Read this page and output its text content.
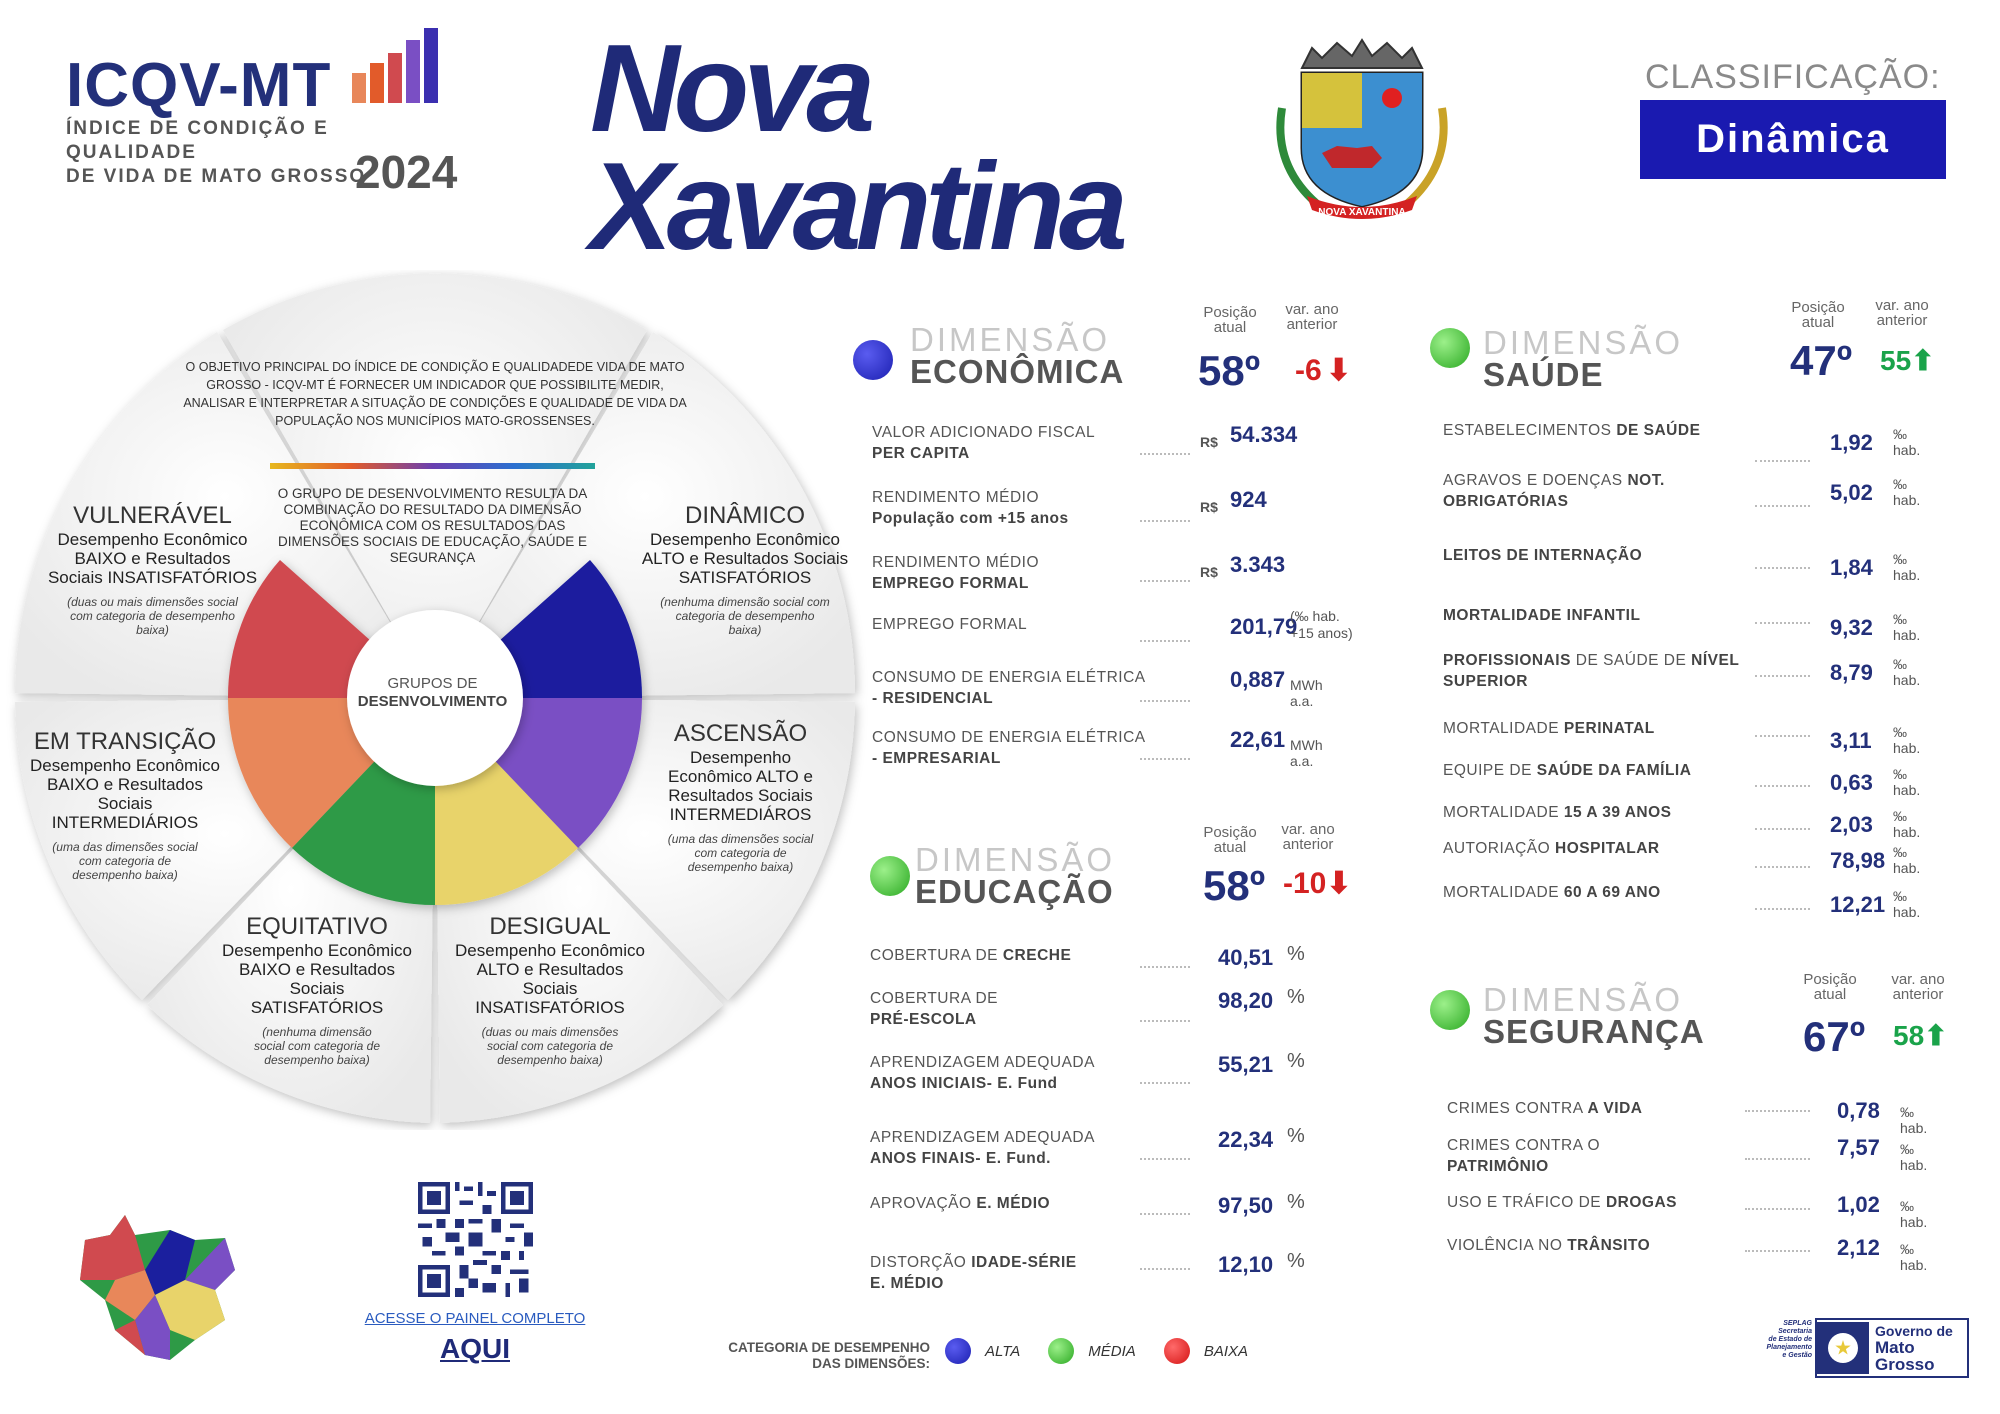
ICQV-MT
ÍNDICE DE CONDIÇÃO E QUALIDADE
DE VIDA DE MATO GROSSO
2024
Nova
Xavantina	NOVA XAVANTINA
CLASSIFICAÇÃO:
Dinâmica
O OBJETIVO PRINCIPAL DO ÍNDICE DE CONDIÇÃO E QUALIDADEDE VIDA DE MATO GROSSO - ICQV-MT É FORNECER UM INDICADOR QUE POSSIBILITE MEDIR, ANALISAR E INTERPRETAR A SITUAÇÃO DE CONDIÇÕES E QUALIDADE DE VIDA DA POPULAÇÃO NOS MUNICÍPIOS MATO-GROSSENSES.
O GRUPO DE DESENVOLVIMENTO RESULTA DA COMBINAÇÃO DO RESULTADO DA DIMENSÃO ECONÔMICA COM OS RESULTADOS DAS DIMENSÕES SOCIAIS DE EDUCAÇÃO, SAÚDE E SEGURANÇA
GRUPOS DE
DESENVOLVIMENTO
VULNERÁVEL
Desempenho Econômico BAIXO e Resultados Sociais INSATISFATÓRIOS
(duas ou mais dimensões social com categoria de desempenho baixa)
DINÂMICO
Desempenho Econômico ALTO e Resultados Sociais SATISFATÓRIOS
(nenhuma dimensão social com categoria de desempenho baixa)
EM TRANSIÇÃO
Desempenho Econômico BAIXO e Resultados Sociais INTERMEDIÁRIOS
(uma das dimensões social com categoria de desempenho baixa)
ASCENSÃO
Desempenho Econômico ALTO e Resultados Sociais INTERMEDIÁROS
(uma das dimensões social com categoria de desempenho baixa)
EQUITATIVO
Desempenho Econômico BAIXO e Resultados Sociais SATISFATÓRIOS
(nenhuma dimensão social com categoria de desempenho baixa)
DESIGUAL
Desempenho Econômico ALTO e Resultados Sociais INSATISFATÓRIOS
(duas ou mais dimensões social com categoria de desempenho baixa)
DIMENSÃO
ECONÔMICA
Posição
atual
var. ano
anterior
58º -6 ⬇
VALOR ADICIONADO FISCAL
PER CAPITA
R$ 54.334
RENDIMENTO MÉDIO
População com +15 anos
R$ 924
RENDIMENTO MÉDIO
EMPREGO FORMAL
R$ 3.343
EMPREGO FORMAL	201,79
(‰ hab. +15 anos)
CONSUMO DE ENERGIA ELÉTRICA
- RESIDENCIAL
0,887 MWh a.a.
CONSUMO DE ENERGIA ELÉTRICA
- EMPRESARIAL
22,61 MWh a.a.
DIMENSÃO
EDUCAÇÃO
Posição
atual
var. ano
anterior
58º -10⬇
COBERTURA DE CRECHE	40,51 %
COBERTURA DE
PRÉ-ESCOLA
98,20 %
APRENDIZAGEM ADEQUADA
ANOS INICIAIS- E. Fund
55,21 %
APRENDIZAGEM ADEQUADA
ANOS FINAIS- E. Fund.
22,34 %
APROVAÇÃO E. MÉDIO	97,50 %
DISTORÇÃO IDADE-SÉRIE
E. MÉDIO
12,10 %
DIMENSÃO
SAÚDE
Posição
atual
var. ano
anterior
47º 55⬆
ESTABELECIMENTOS DE SAÚDE	1,92 ‰ hab.
AGRAVOS E DOENÇAS NOT.
OBRIGATÓRIAS	5,02 ‰ hab.
LEITOS DE INTERNAÇÃO	1,84 ‰ hab.
MORTALIDADE INFANTIL	9,32 ‰ hab.
PROFISSIONAIS DE SAÚDE DE NÍVEL
SUPERIOR	8,79 ‰ hab.
MORTALIDADE PERINATAL	3,11 ‰ hab.
EQUIPE DE SAÚDE DA FAMÍLIA	0,63 ‰ hab.
MORTALIDADE 15 A 39 ANOS	2,03 ‰ hab.
AUTORIAÇÃO HOSPITALAR	78,98 ‰ hab.
MORTALIDADE 60 A 69 ANO	12,21 ‰ hab.
DIMENSÃO
SEGURANÇA
Posição
atual
var. ano
anterior
67º 58⬆
CRIMES CONTRA A VIDA	0,78 ‰ hab.
CRIMES CONTRA O
PATRIMÔNIO
7,57 ‰ hab.
USO E TRÁFICO DE DROGAS	1,02 ‰ hab.
VIOLÊNCIA NO TRÂNSITO	2,12 ‰ hab.
ACESSE O PAINEL COMPLETO
AQUI	CATEGORIA DE DESEMPENHO
DAS DIMENSÕES:
ALTA	MÉDIA	BAIXA
SEPLAG
Secretaria
de Estado de
Planejamento
e Gestão
Governo de
Mato
Grosso
